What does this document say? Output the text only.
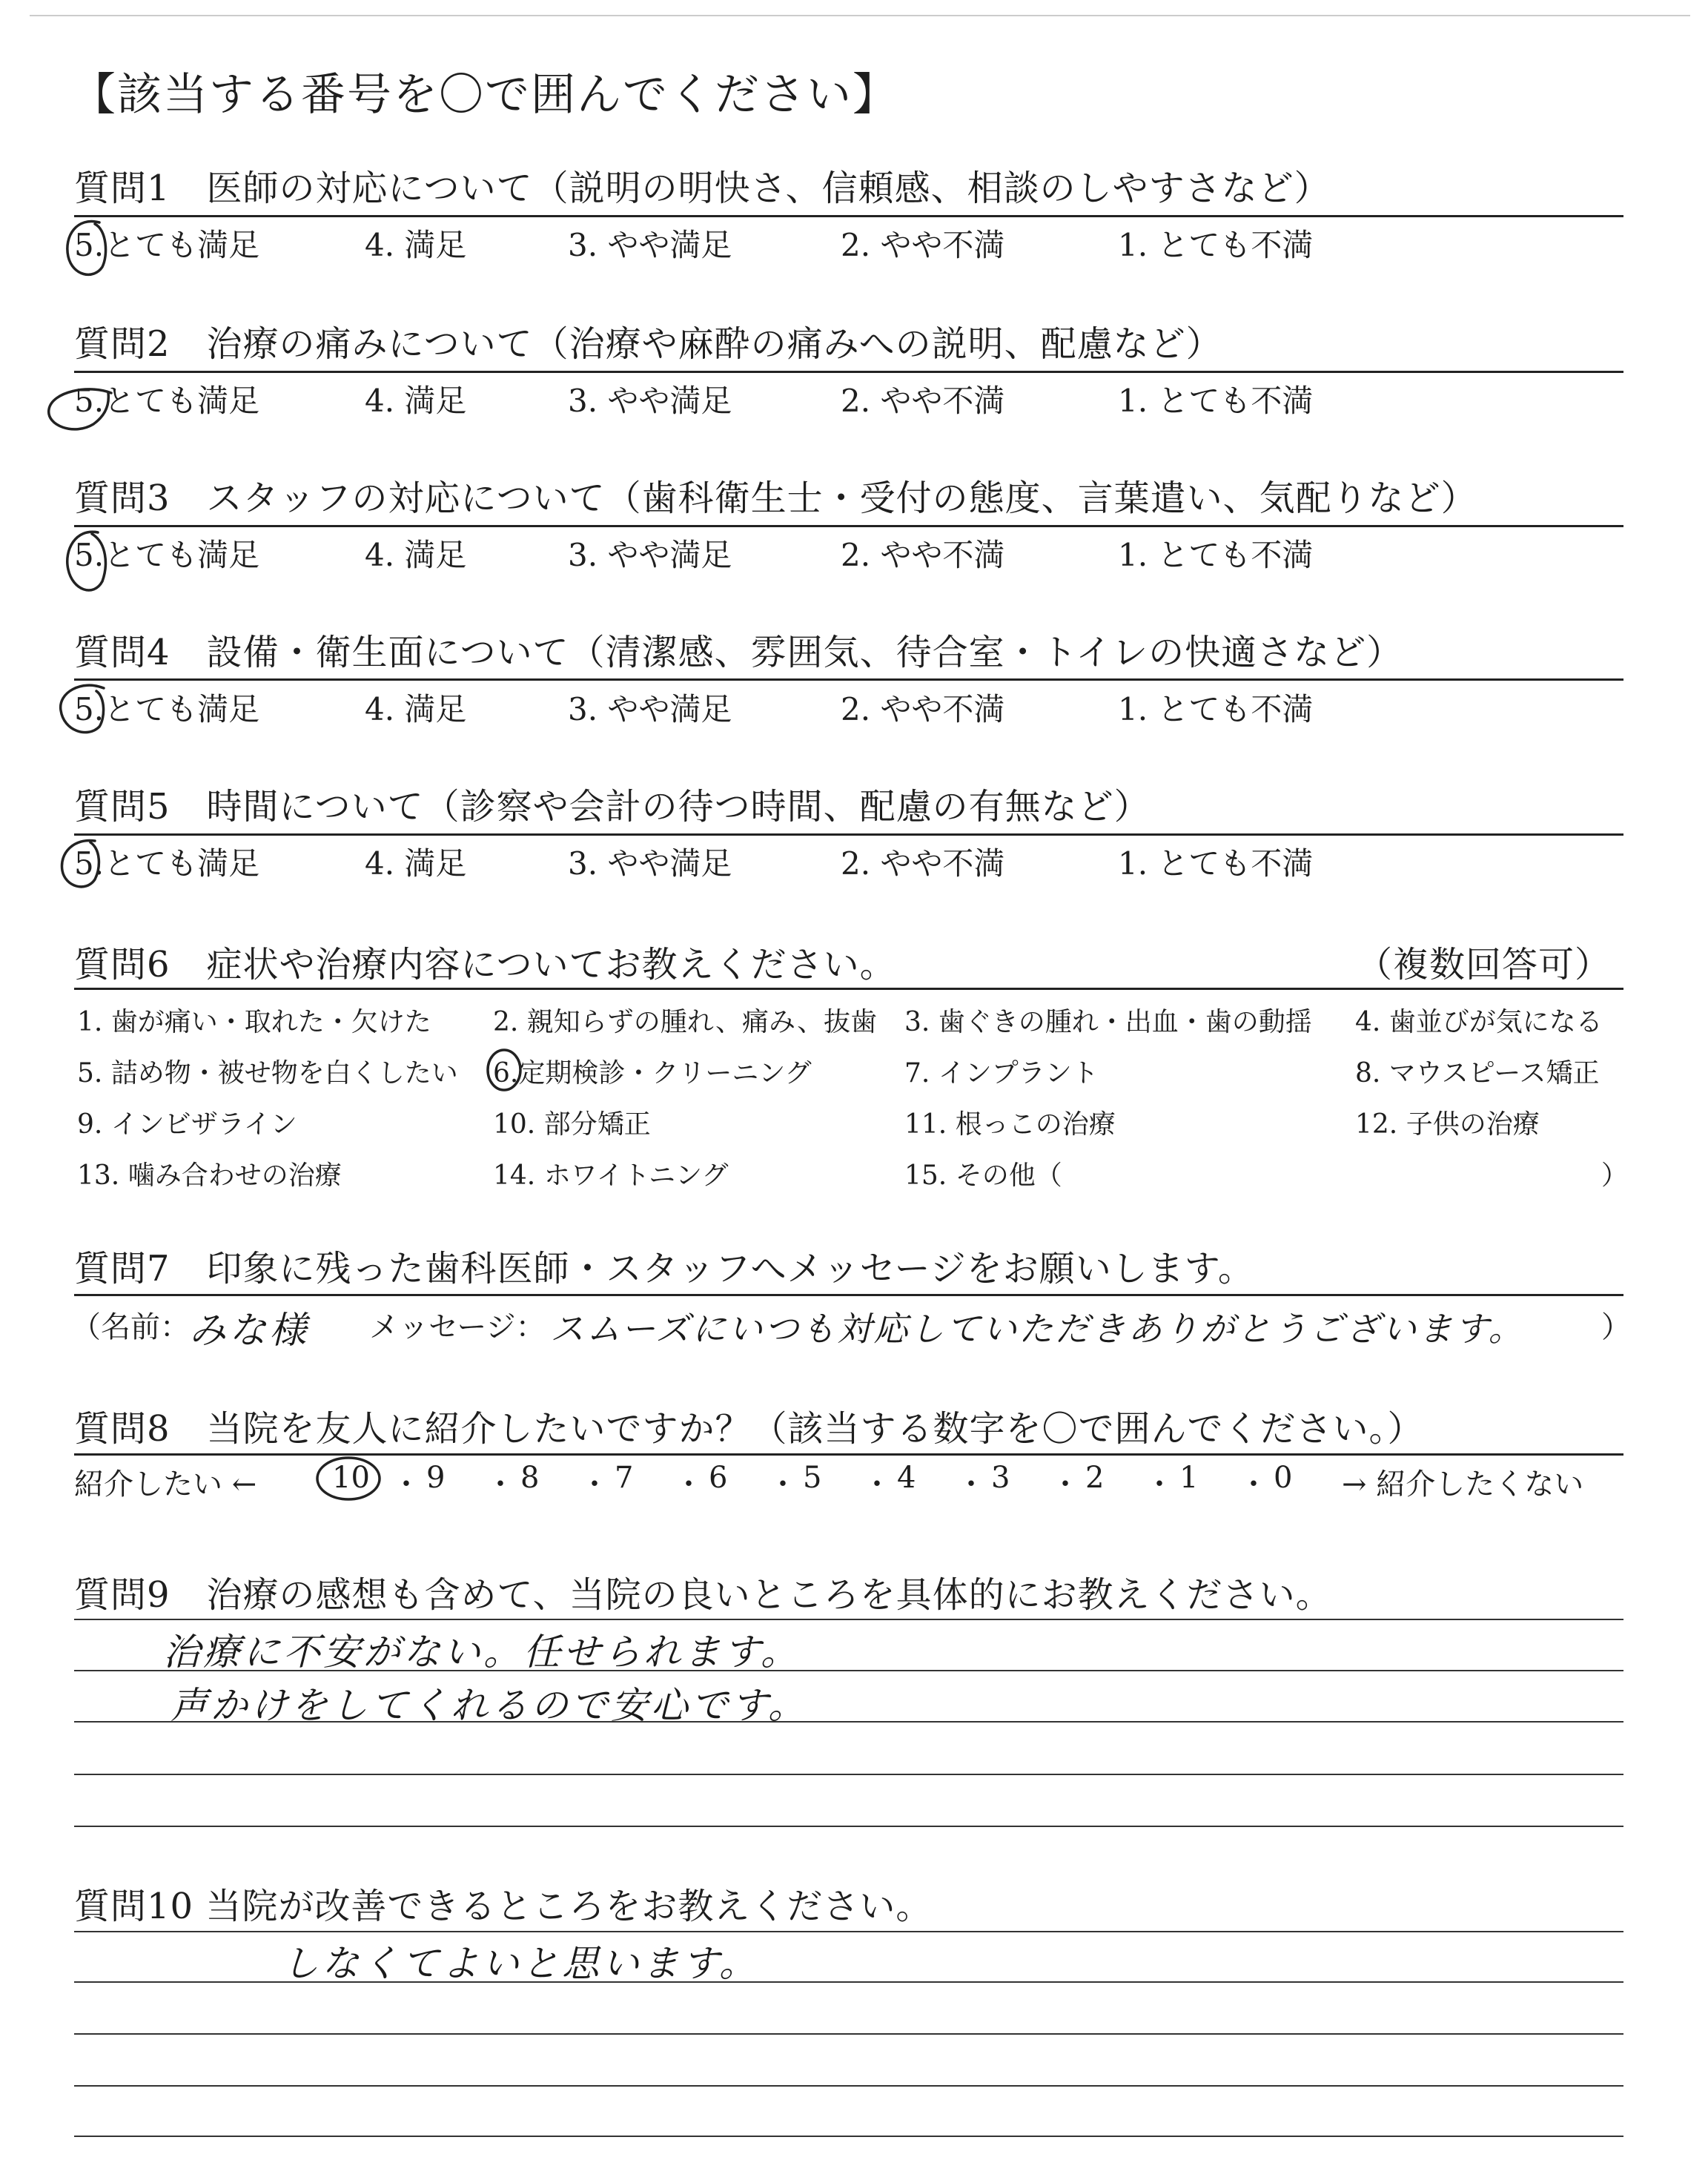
【該当する番号を〇で囲んでください】
質問1　医師の対応について（説明の明快さ、信頼感、相談のしやすさなど）
5.とても満足	4. 満足	3. やや満足	2. やや不満	1. とても不満
質問2　治療の痛みについて（治療や麻酔の痛みへの説明、配慮など）
5.とても満足	4. 満足	3. やや満足	2. やや不満	1. とても不満
質問3　スタッフの対応について（歯科衛生士・受付の態度、言葉遣い、気配りなど）
5.とても満足	4. 満足	3. やや満足	2. やや不満	1. とても不満
質問4　設備・衛生面について（清潔感、雰囲気、待合室・トイレの快適さなど）
5.とても満足	4. 満足	3. やや満足	2. やや不満	1. とても不満
質問5　時間について（診察や会計の待つ時間、配慮の有無など）
5.とても満足	4. 満足	3. やや満足	2. やや不満	1. とても不満
質問6　症状や治療内容についてお教えください。	（複数回答可）
1. 歯が痛い・取れた・欠けた 2. 親知らずの腫れ、痛み、抜歯 3. 歯ぐきの腫れ・出血・歯の動揺 4. 歯並びが気になる
5. 詰め物・被せ物を白くしたい 6.定期検診・クリーニング	7. インプラント	8. マウスピース矯正
9. インビザライン	10. 部分矯正	11. 根っこの治療	12. 子供の治療
13. 噛み合わせの治療	14. ホワイトニング	15. その他（	）
質問7　印象に残った歯科医師・スタッフへメッセージをお願いします。
（名前： みな様 メッセージ： スムーズにいつも対応していただきありがとうございます。	）
質問8　当院を友人に紹介したいですか？（該当する数字を〇で囲んでください。）
紹介したい ←	10 ・ 9 ・ 8 ・ 7 ・ 6 ・ 5 ・ 4 ・ 3 ・ 2 ・ 1 ・ 0 → 紹介したくない
質問9　治療の感想も含めて、当院の良いところを具体的にお教えください。
治療に不安がない。任せられます。
声かけをしてくれるので安心です。
質問10 当院が改善できるところをお教えください。
しなくてよいと思います。
